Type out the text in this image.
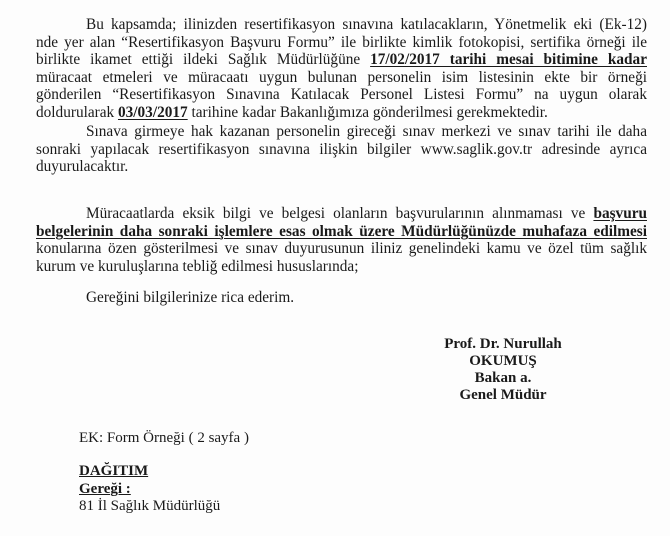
Bu kapsamda; ilinizden resertifikasyon sınavına katılacakların, Yönetmelik eki (Ek-12)
nde yer alan “Resertifikasyon Başvuru Formu” ile birlikte kimlik fotokopisi, sertifika örneği ile
birlikte ikamet ettiği ildeki Sağlık Müdürlüğüne 17/02/2017 tarihi mesai bitimine kadar
müracaat etmeleri ve müracaatı uygun bulunan personelin isim listesinin ekte bir örneği
gönderilen “Resertifikasyon Sınavına Katılacak Personel Listesi Formu” na uygun olarak
doldurularak 03/03/2017 tarihine kadar Bakanlığımıza gönderilmesi gerekmektedir.
Sınava girmeye hak kazanan personelin gireceği sınav merkezi ve sınav tarihi ile daha
sonraki yapılacak resertifikasyon sınavına ilişkin bilgiler www.saglik.gov.tr adresinde ayrıca
duyurulacaktır.
Müracaatlarda eksik bilgi ve belgesi olanların başvurularının alınmaması ve başvuru
belgelerinin daha sonraki işlemlere esas olmak üzere Müdürlüğünüzde muhafaza edilmesi
konularına özen gösterilmesi ve sınav duyurusunun iliniz genelindeki kamu ve özel tüm sağlık
kurum ve kuruluşlarına tebliğ edilmesi hususlarında;
Gereğini bilgilerinize rica ederim.
Prof. Dr. Nurullah OKUMUŞ
Bakan a.
Genel Müdür
EK: Form Örneği ( 2 sayfa )
DAĞITIM
Gereği :
81 İl Sağlık Müdürlüğü
